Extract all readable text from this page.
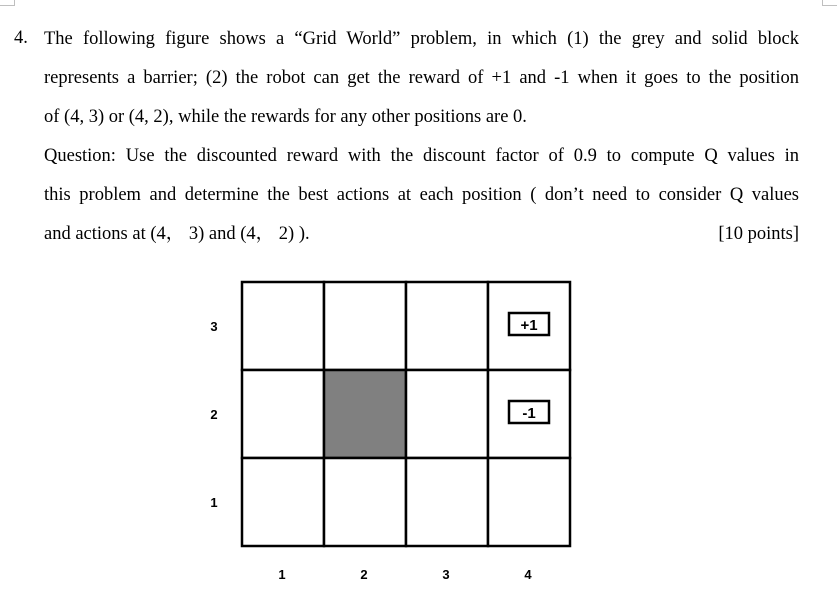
4. The following figure shows a “Grid World” problem, in which (1) the grey and solid block
represents a barrier; (2) the robot can get the reward of +1 and -1 when it goes to the position
of (4, 3) or (4, 2), while the rewards for any other positions are 0.
Question: Use the discounted reward with the discount factor of 0.9 to compute Q values in
this problem and determine the best actions at each position ( don’t need to consider Q values
and actions at (4， 3) and (4， 2) ).	[10 points]
+1
-1
3
2
1
1	2	3	4
